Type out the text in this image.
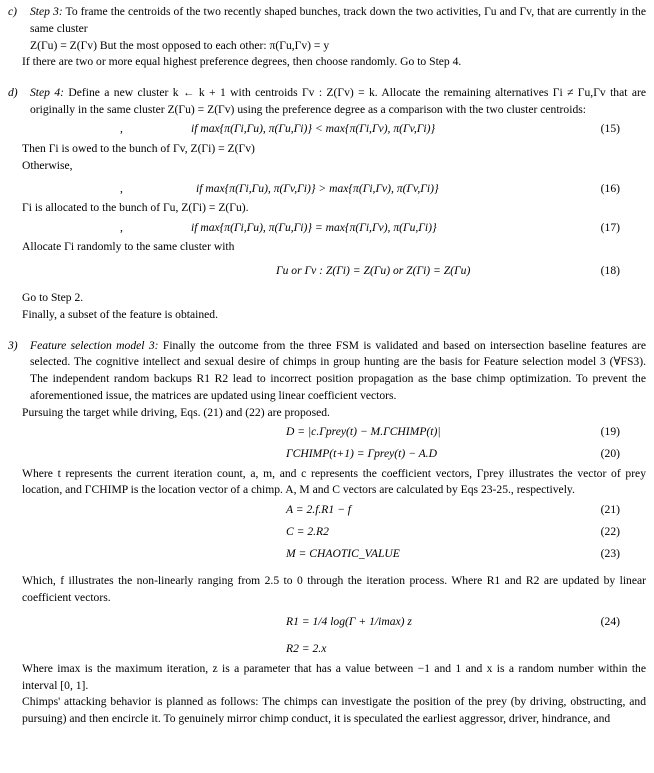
c)	Step 3: To frame the centroids of the two recently shaped bunches, track down the two activities, Γu and Γv, that are currently in the same cluster
Z(Γu) = Z(Γv) But the most opposed to each other: π(Γu,Γv) = y
If there are two or more equal highest preference degrees, then choose randomly. Go to Step 4.
d)	Step 4: Define a new cluster k ← k + 1 with centroids Γv : Z(Γv) = k. Allocate the remaining alternatives Γi ≠ Γu,Γv that are originally in the same cluster Z(Γu) = Z(Γv) using the preference degree as a comparison with the two cluster centroids:
,	if max{π(Γi,Γu), π(Γu,Γi)} < max{π(Γi,Γv), π(Γv,Γi)}	(15)
Then Γi is owed to the bunch of Γv, Z(Γi) = Z(Γv)
Otherwise,
,	if max{π(Γi,Γu), π(Γv,Γi)} > max{π(Γi,Γv), π(Γv,Γi)}	(16)
Γi is allocated to the bunch of Γu, Z(Γi) = Z(Γu).
,	if max{π(Γi,Γu), π(Γu,Γi)} = max{π(Γi,Γv), π(Γu,Γi)}	(17)
Allocate Γi randomly to the same cluster with
Γu or Γv : Z(Γi) = Z(Γu) or Z(Γi) = Z(Γu)	(18)
Go to Step 2.
Finally, a subset of the feature is obtained.
3)	Feature selection model 3: Finally the outcome from the three FSM is validated and based on intersection baseline features are selected. The cognitive intellect and sexual desire of chimps in group hunting are the basis for Feature selection model 3 (∀FS3). The independent random backups R1 R2 lead to incorrect position propagation as the base chimp optimization. To prevent the aforementioned issue, the matrices are updated using linear coefficient vectors.
Pursuing the target while driving, Eqs. (21) and (22) are proposed.
D = |c.Γprey(t) − M.ΓCHIMP(t)|	(19)
ΓCHIMP(t+1) = Γprey(t) − A.D	(20)

Where t represents the current iteration count, a, m, and c represents the coefficient vectors, Γprey illustrates the vector of prey location, and ΓCHIMP is the location vector of a chimp. A, M and C vectors are calculated by Eqs 23-25., respectively.

A = 2.f.R1 − f	(21)
C = 2.R2	(22)
M = CHAOTIC_VALUE	(23)

Which, f illustrates the non-linearly ranging from 2.5 to 0 through the iteration process. Where R1 and R2 are updated by linear coefficient vectors.

R1 = 1/4 log(Γ + 1/imax) z	(24)
R2 = 2.x

Where imax is the maximum iteration, z is a parameter that has a value between −1 and 1 and x is a random number within the interval [0, 1].

Chimps' attacking behavior is planned as follows: The chimps can investigate the position of the prey (by driving, obstructing, and pursuing) and then encircle it. To genuinely mirror chimp conduct, it is speculated the earliest aggressor, driver, hindrance, and
